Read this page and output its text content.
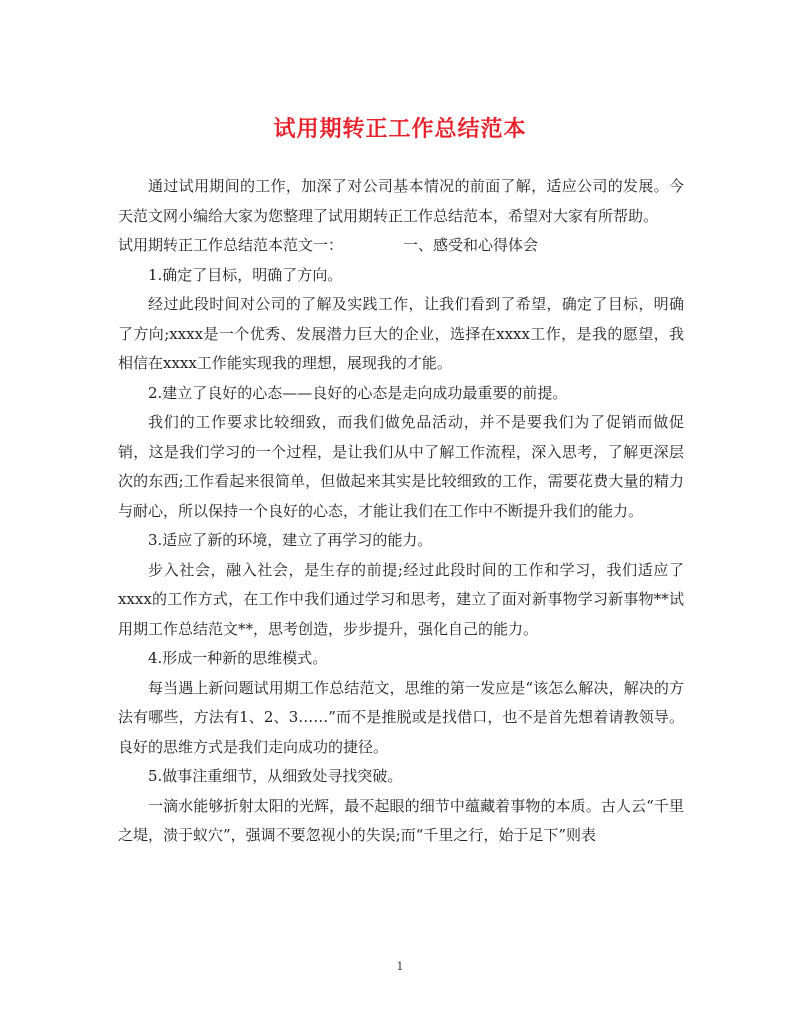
试用期转正工作总结范本

通过试用期间的工作，加深了对公司基本情况的前面了解，适应公司的发展。今天范文网小编给大家为您整理了试用期转正工作总结范本，希望对大家有所帮助。

试用期转正工作总结范本范文一：	一、感受和心得体会

1.确定了目标，明确了方向。

经过此段时间对公司的了解及实践工作，让我们看到了希望，确定了目标，明确了方向;xxxx是一个优秀、发展潜力巨大的企业，选择在xxxx工作，是我的愿望，我相信在xxxx工作能实现我的理想，展现我的才能。

2.建立了良好的心态——良好的心态是走向成功最重要的前提。

我们的工作要求比较细致，而我们做免品活动，并不是要我们为了促销而做促销，这是我们学习的一个过程，是让我们从中了解工作流程，深入思考，了解更深层次的东西;工作看起来很简单，但做起来其实是比较细致的工作，需要花费大量的精力与耐心，所以保持一个良好的心态，才能让我们在工作中不断提升我们的能力。

3.适应了新的环境，建立了再学习的能力。

步入社会，融入社会，是生存的前提;经过此段时间的工作和学习，我们适应了xxxx的工作方式，在工作中我们通过学习和思考，建立了面对新事物学习新事物**试用期工作总结范文**，思考创造，步步提升，强化自己的能力。

4.形成一种新的思维模式。

每当遇上新问题试用期工作总结范文，思维的第一发应是“该怎么解决，解决的方法有哪些，方法有1、2、3……”而不是推脱或是找借口，也不是首先想着请教领导。良好的思维方式是我们走向成功的捷径。

5.做事注重细节，从细致处寻找突破。

一滴水能够折射太阳的光辉，最不起眼的细节中蕴藏着事物的本质。古人云“千里之堤，溃于蚁穴”，强调不要忽视小的失误;而“千里之行，始于足下”则表

1
